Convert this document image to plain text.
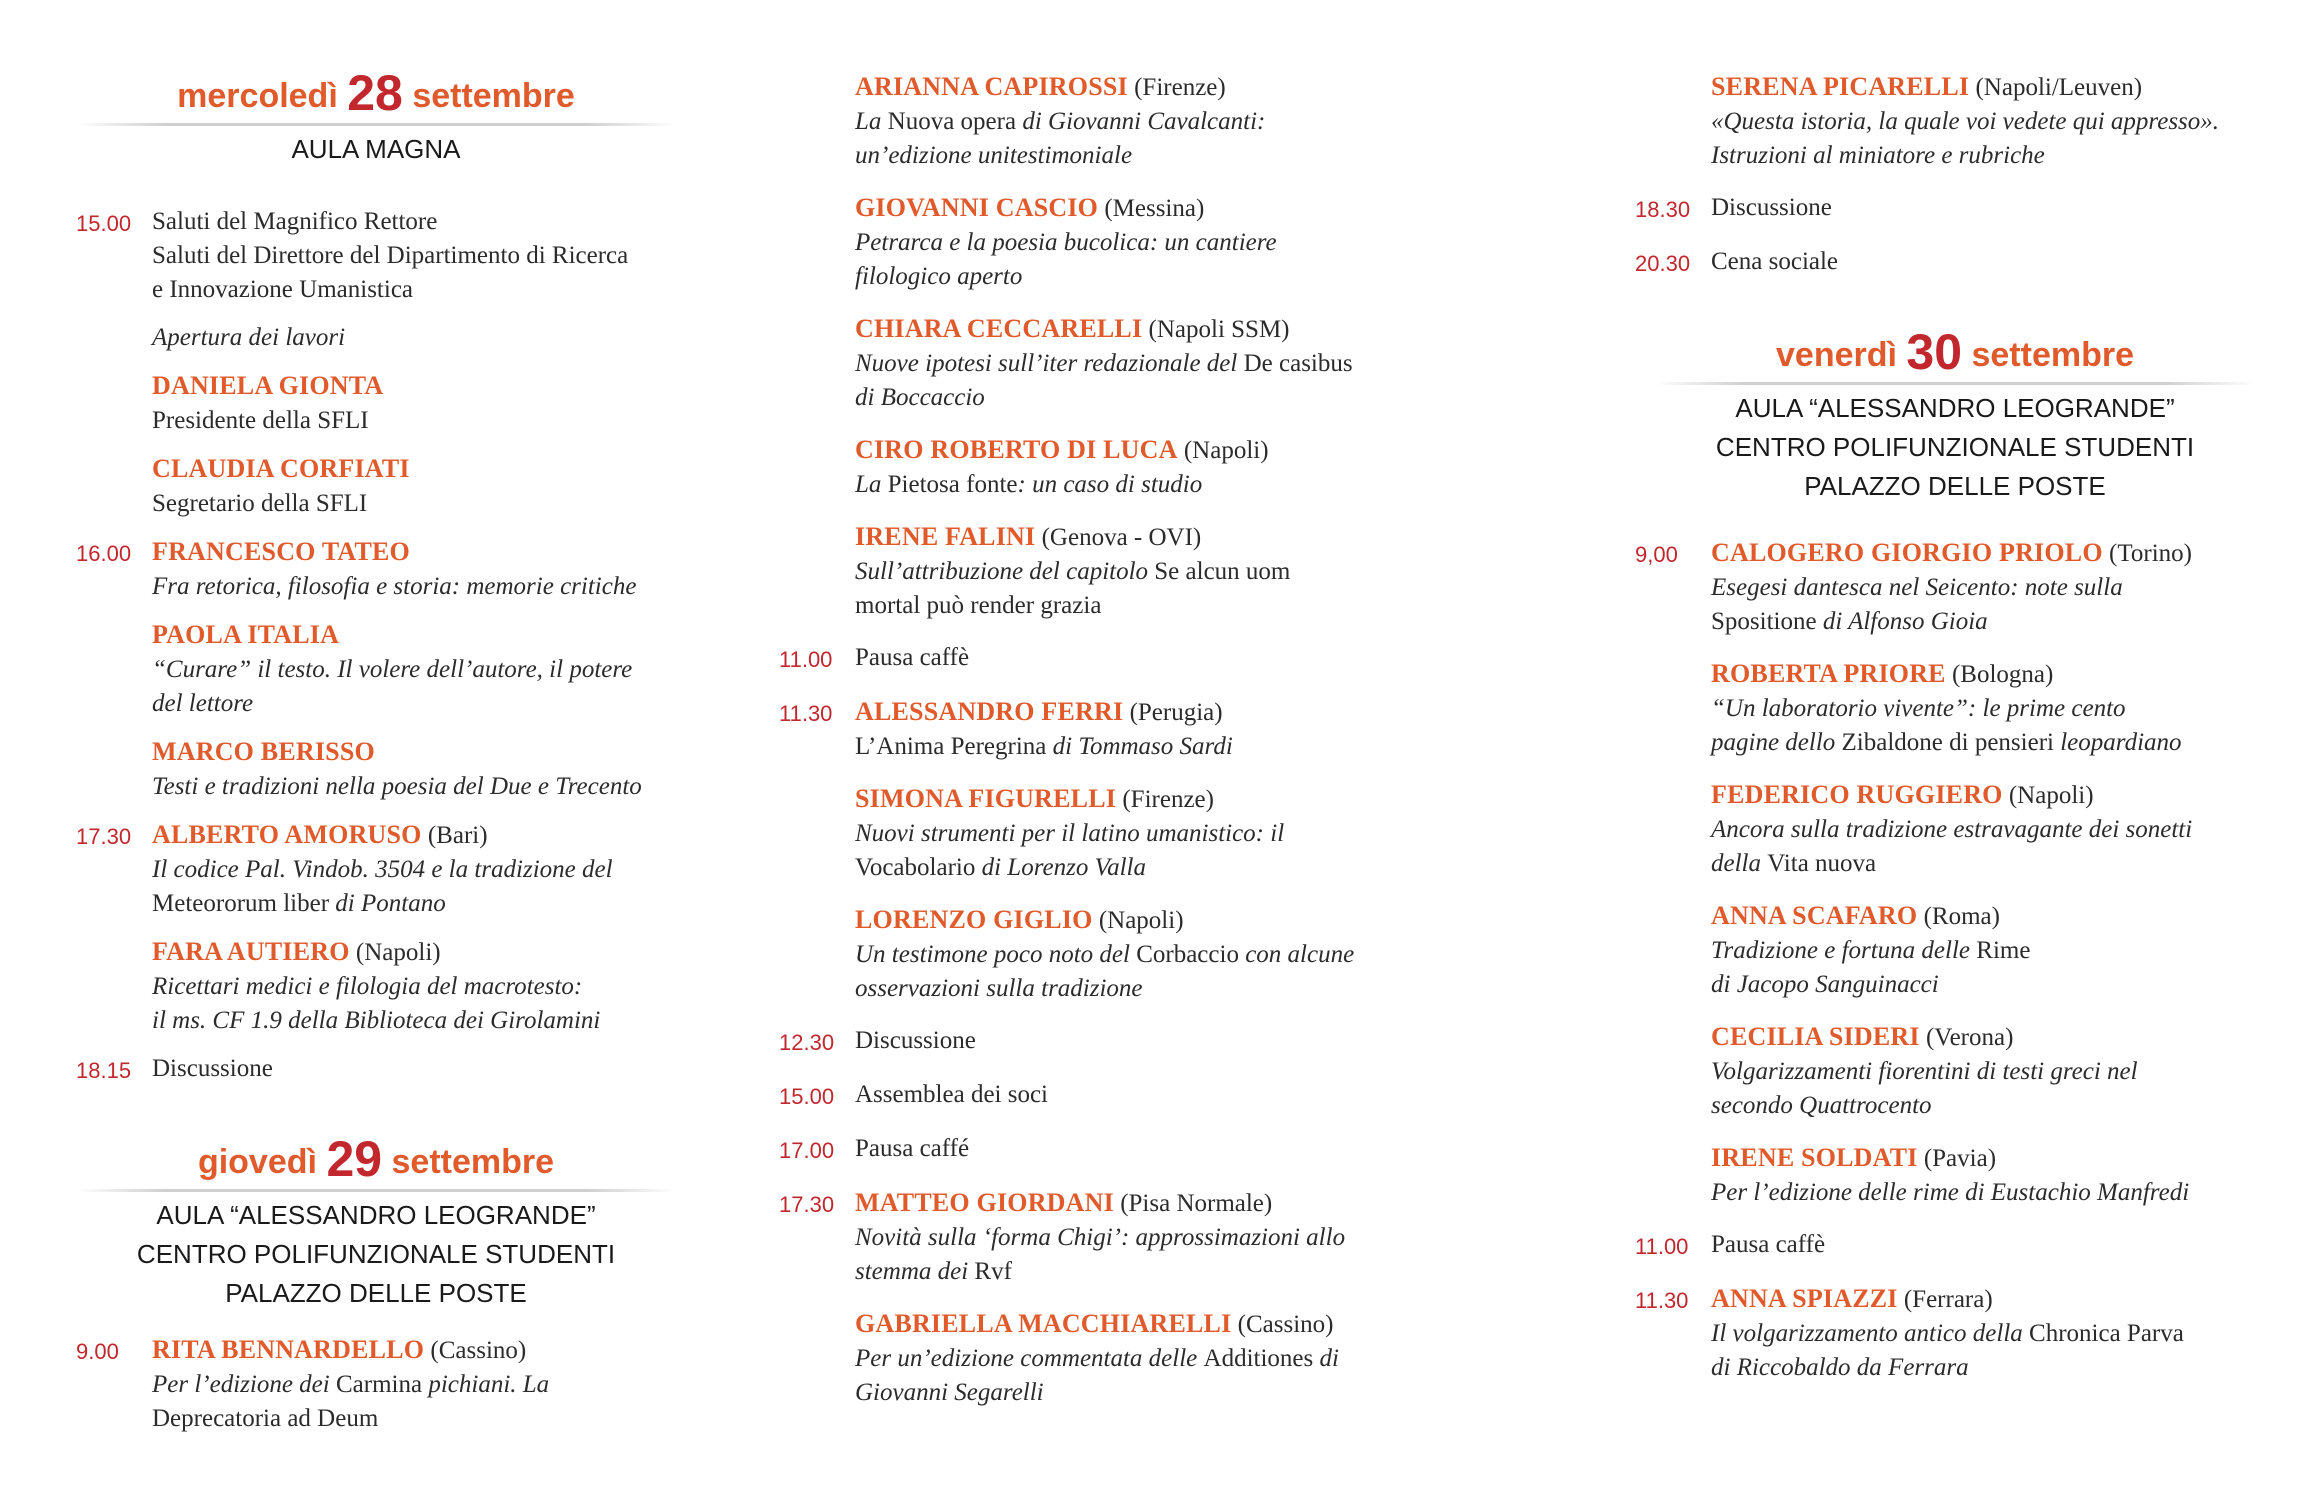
mercoledì 28 settembre
AULA MAGNA
15.00 Saluti del Magnifico Rettore
Saluti del Direttore del Dipartimento di Ricerca
e Innovazione Umanistica
Apertura dei lavori
DANIELA GIONTA
Presidente della SFLI
CLAUDIA CORFIATI
Segretario della SFLI
16.00 FRANCESCO TATEO
Fra retorica, filosofia e storia: memorie critiche
PAOLA ITALIA
“Curare” il testo. Il volere dell’autore, il potere
del lettore
MARCO BERISSO
Testi e tradizioni nella poesia del Due e Trecento
17.30 ALBERTO AMORUSO (Bari)
Il codice Pal. Vindob. 3504 e la tradizione del
Meteororum liber di Pontano
FARA AUTIERO (Napoli)
Ricettari medici e filologia del macrotesto:
il ms. CF 1.9 della Biblioteca dei Girolamini
18.15 Discussione
giovedì 29 settembre
AULA “ALESSANDRO LEOGRANDE”
CENTRO POLIFUNZIONALE STUDENTI
PALAZZO DELLE POSTE
9.00	RITA BENNARDELLO (Cassino)
Per l’edizione dei Carmina pichiani. La
Deprecatoria ad Deum
ARIANNA CAPIROSSI (Firenze)
La Nuova opera di Giovanni Cavalcanti:
un’edizione unitestimoniale
GIOVANNI CASCIO (Messina)
Petrarca e la poesia bucolica: un cantiere
filologico aperto
CHIARA CECCARELLI (Napoli SSM)
Nuove ipotesi sull’iter redazionale del De casibus
di Boccaccio
CIRO ROBERTO DI LUCA (Napoli)
La Pietosa fonte: un caso di studio
IRENE FALINI (Genova - OVI)
Sull’attribuzione del capitolo Se alcun uom
mortal può render grazia
11.00 Pausa caffè
11.30 ALESSANDRO FERRI (Perugia)
L’Anima Peregrina di Tommaso Sardi
SIMONA FIGURELLI (Firenze)
Nuovi strumenti per il latino umanistico: il
Vocabolario di Lorenzo Valla
LORENZO GIGLIO (Napoli)
Un testimone poco noto del Corbaccio con alcune
osservazioni sulla tradizione
12.30 Discussione
15.00 Assemblea dei soci
17.00 Pausa caffé
17.30 MATTEO GIORDANI (Pisa Normale)
Novità sulla ‘forma Chigi’: approssimazioni allo
stemma dei Rvf
GABRIELLA MACCHIARELLI (Cassino)
Per un’edizione commentata delle Additiones di
Giovanni Segarelli
SERENA PICARELLI (Napoli/Leuven)
«Questa istoria, la quale voi vedete qui appresso».
Istruzioni al miniatore e rubriche
18.30 Discussione
20.30 Cena sociale
venerdì 30 settembre
AULA “ALESSANDRO LEOGRANDE”
CENTRO POLIFUNZIONALE STUDENTI
PALAZZO DELLE POSTE
9,00	CALOGERO GIORGIO PRIOLO (Torino)
Esegesi dantesca nel Seicento: note sulla
Spositione di Alfonso Gioia
ROBERTA PRIORE (Bologna)
“Un laboratorio vivente”: le prime cento
pagine dello Zibaldone di pensieri leopardiano
FEDERICO RUGGIERO (Napoli)
Ancora sulla tradizione estravagante dei sonetti
della Vita nuova
ANNA SCAFARO (Roma)
Tradizione e fortuna delle Rime
di Jacopo Sanguinacci
CECILIA SIDERI (Verona)
Volgarizzamenti fiorentini di testi greci nel
secondo Quattrocento
IRENE SOLDATI (Pavia)
Per l’edizione delle rime di Eustachio Manfredi
11.00 Pausa caffè
11.30 ANNA SPIAZZI (Ferrara)
Il volgarizzamento antico della Chronica Parva
di Riccobaldo da Ferrara
